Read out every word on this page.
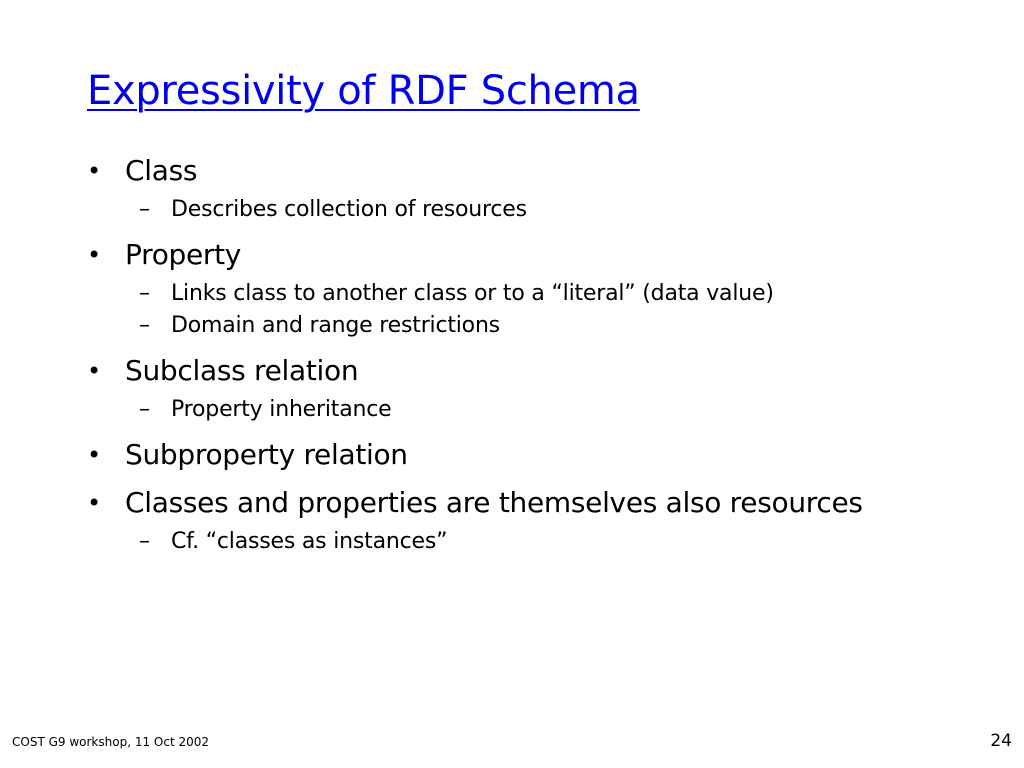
Expressivity of RDF Schema
• Class
– Describes collection of resources
• Property
– Links class to another class or to a “literal” (data value)
– Domain and range restrictions
• Subclass relation
– Property inheritance
• Subproperty relation
• Classes and properties are themselves also resources
– Cf. “classes as instances”
COST G9 workshop, 11 Oct 2002	24
